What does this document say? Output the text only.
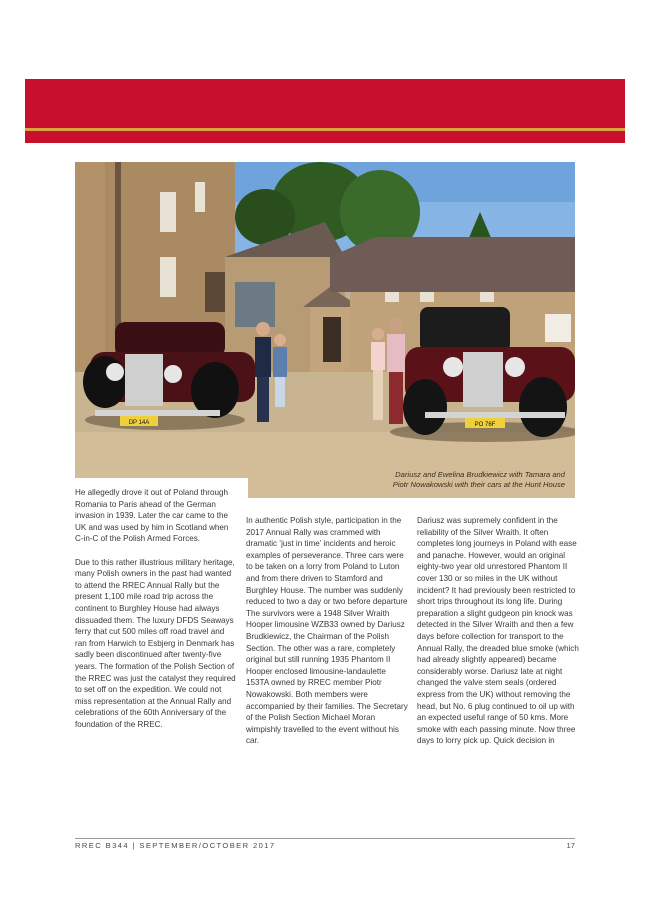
DP 14A	PO 76F
Dariusz and Ewelina Brudkiewicz with Tamara and
Piotr Nowakowski with their cars at the Hunt House

He allegedly drove it out of Poland through Romania to Paris ahead of the German invasion in 1939. Later the car came to the UK and was used by him in Scotland when C-in-C of the Polish Armed Forces.

Due to this rather illustrious military heritage, many Polish owners in the past had wanted to attend the RREC Annual Rally but the present 1,100 mile road trip across the continent to Burghley House had always dissuaded them. The luxury DFDS Seaways ferry that cut 500 miles off road travel and ran from Harwich to Esbjerg in Denmark has sadly been discontinued after twenty-five years. The formation of the Polish Section of the RREC was just the catalyst they required to set off on the expedition. We could not miss representation at the Annual Rally and celebrations of the 60th Anniversary of the foundation of the RREC.

In authentic Polish style, participation in the 2017 Annual Rally was crammed with dramatic ‘just in time’ incidents and heroic examples of perseverance. Three cars were to be taken on a lorry from Poland to Luton and from there driven to Stamford and Burghley House. The number was suddenly reduced to two a day or two before departure The survivors were a 1948 Silver Wraith Hooper limousine WZB33 owned by Dariusz Brudkiewicz, the Chairman of the Polish Section. The other was a rare, completely original but still running 1935 Phantom II Hooper enclosed limousine-landaulette 153TA owned by RREC member Piotr Nowakowski. Both members were accompanied by their families. The Secretary of the Polish Section Michael Moran wimpishly travelled to the event without his car.

Dariusz was supremely confident in the reliability of the Silver Wraith. It often completes long journeys in Poland with ease and panache. However, would an original eighty-two year old unrestored Phantom II cover 130 or so miles in the UK without incident? It had previously been restricted to short trips throughout its long life. During preparation a slight gudgeon pin knock was detected in the Silver Wraith and then a few days before collection for transport to the Annual Rally, the dreaded blue smoke (which had already slightly appeared) became considerably worse. Dariusz late at night changed the valve stem seals (ordered express from the UK) without removing the head, but No. 6 plug continued to oil up with an expected useful range of 50 kms. More smoke with each passing minute. Now three days to lorry pick up. Quick decision in

RREC B344 | SEPTEMBER/OCTOBER 2017	17
